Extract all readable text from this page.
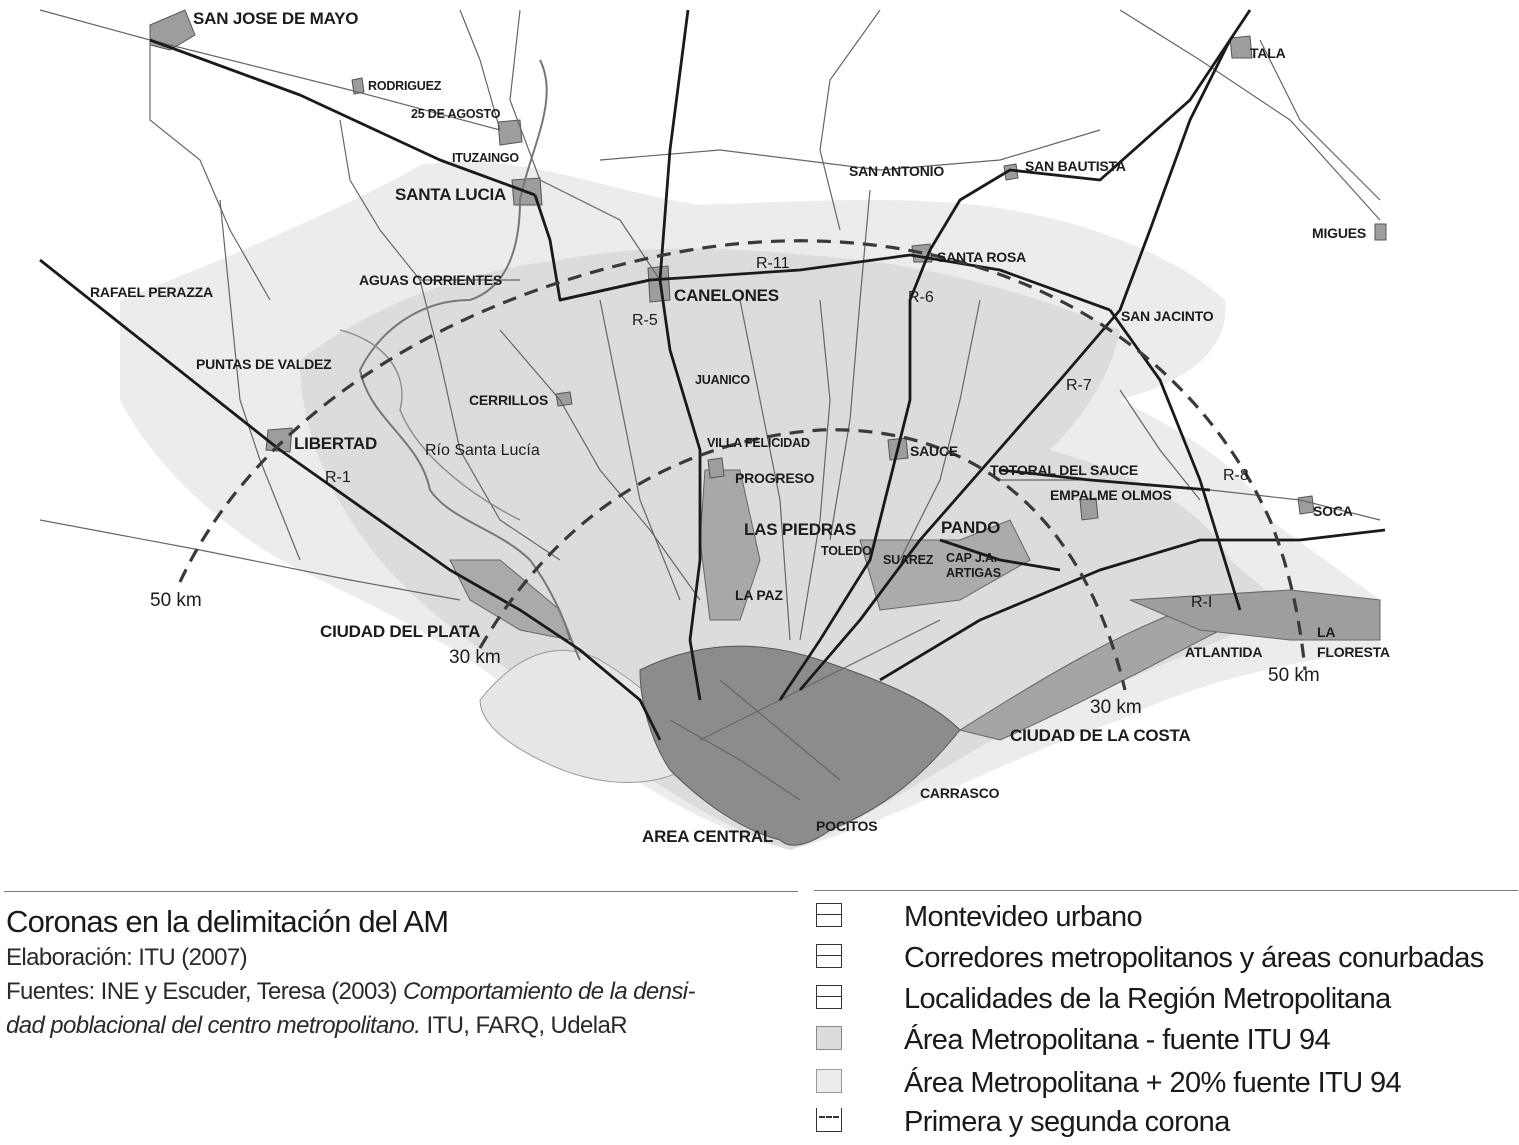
SAN JOSE DE MAYO
RODRIGUEZ
25 DE AGOSTO
ITUZAINGO
SANTA LUCIA
TALA
SAN ANTONIO	SAN BAUTISTA
MIGUES
SANTA ROSA
RAFAEL PERAZZA
AGUAS CORRIENTES
CANELONES
SAN JACINTO
PUNTAS DE VALDEZ
JUANICO
CERRILLOS
LIBERTAD	VILLA FELICIDAD	SAUCE
TOTORAL DEL SAUCE
PROGRESO
EMPALME OLMOS
SOCA
LAS PIEDRAS	PANDO
TOLEDO
SUAREZ CAP J.A.
ARTIGAS
LA PAZ
CIUDAD DEL PLATA
ATLANTIDA
LA
FLORESTA
CIUDAD DE LA COSTA
CARRASCO
POCITOS
AREA CENTRAL
R-11
R-6
R-5
R-7
R-1	R-8
R-I
Río Santa Lucía
50 km
50 km
30 km
30 km
Coronas en la delimitación del AM
Elaboración: ITU (2007)
Fuentes: INE y Escuder, Teresa (2003) Comportamiento de la densi-
dad poblacional del centro metropolitano. ITU, FARQ, UdelaR
Montevideo urbano
Corredores metropolitanos y áreas conurbadas
Localidades de la Región Metropolitana
Área Metropolitana - fuente ITU 94
Área Metropolitana + 20% fuente ITU 94
Primera y segunda corona
